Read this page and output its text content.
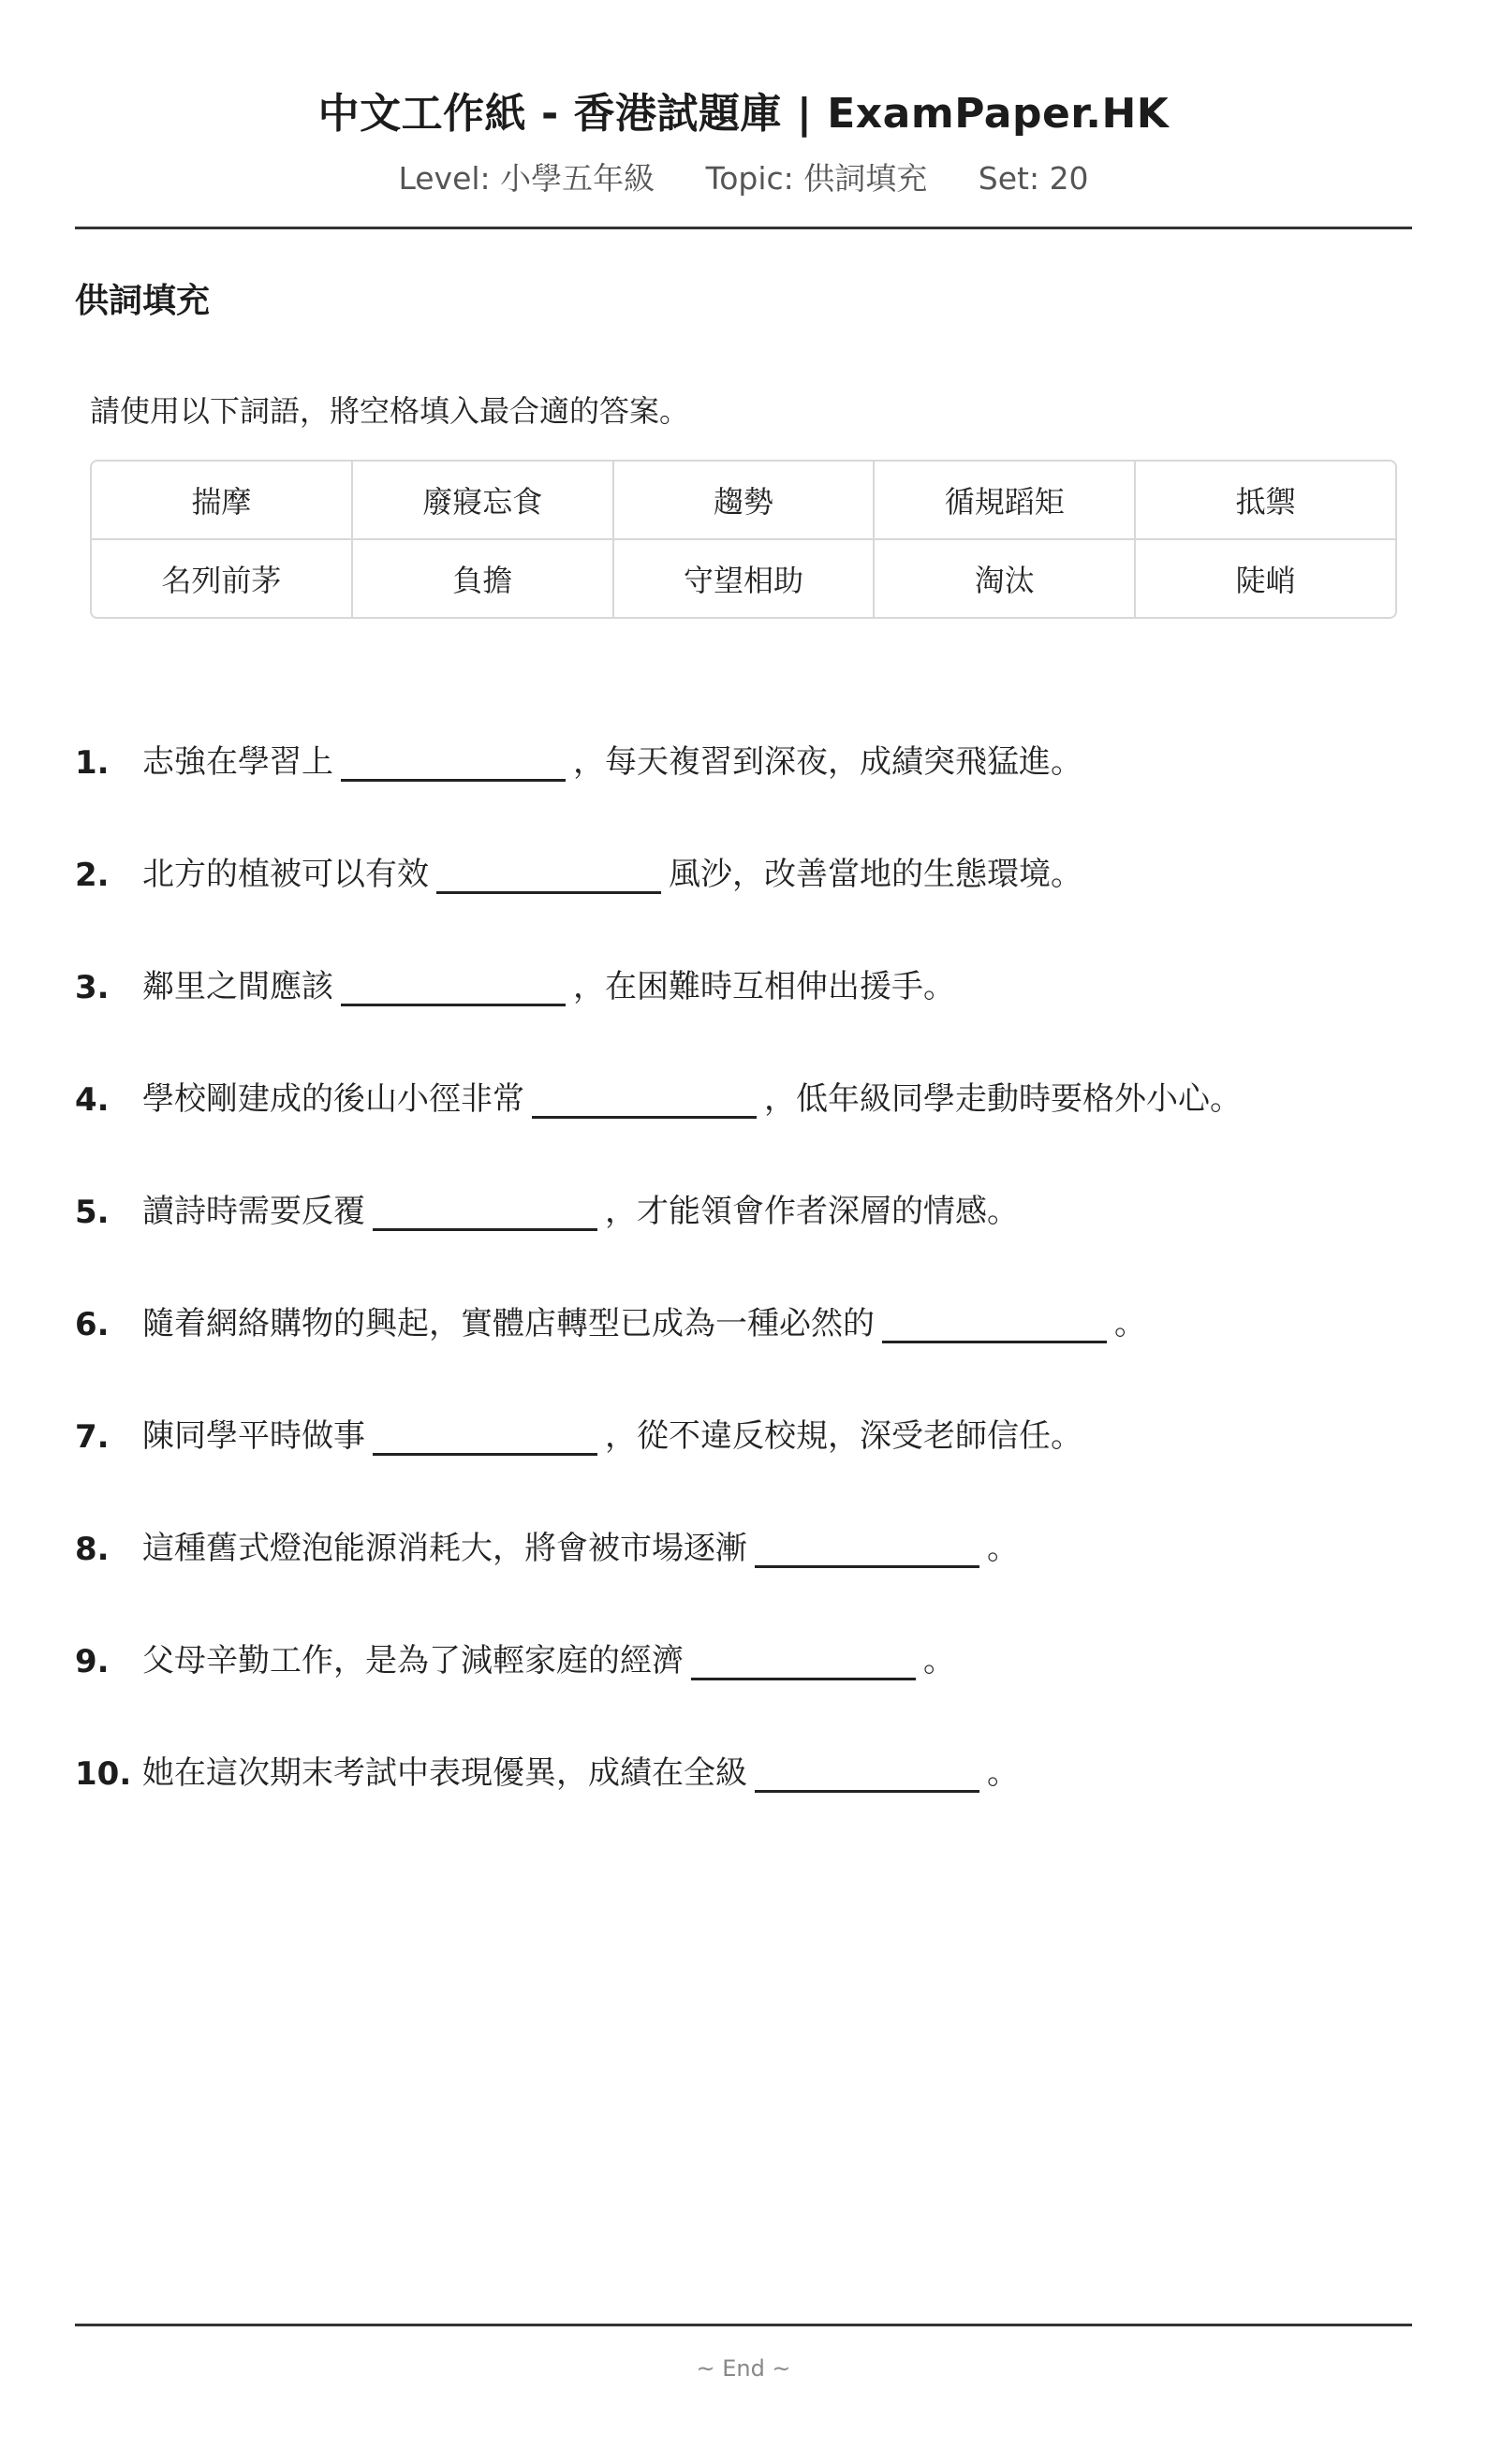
中文工作紙 - 香港試題庫 | ExamPaper.HK
Level: 小學五年級 Topic: 供詞填充 Set: 20
供詞填充
請使用以下詞語，將空格填入最合適的答案。
揣摩	廢寢忘食	趨勢	循規蹈矩	抵禦
名列前茅	負擔	守望相助	淘汰	陡峭
1.	志強在學習上	，每天複習到深夜，成績突飛猛進。
2.	北方的植被可以有效	風沙，改善當地的生態環境。
3.	鄰里之間應該	，在困難時互相伸出援手。
4.	學校剛建成的後山小徑非常	，低年級同學走動時要格外小心。
5.	讀詩時需要反覆	，才能領會作者深層的情感。
6.	隨着網絡購物的興起，實體店轉型已成為一種必然的	。
7.	陳同學平時做事	，從不違反校規，深受老師信任。
8.	這種舊式燈泡能源消耗大，將會被市場逐漸	。
9.	父母辛勤工作，是為了減輕家庭的經濟	。
10. 她在這次期末考試中表現優異，成績在全級	。
~ End ~
